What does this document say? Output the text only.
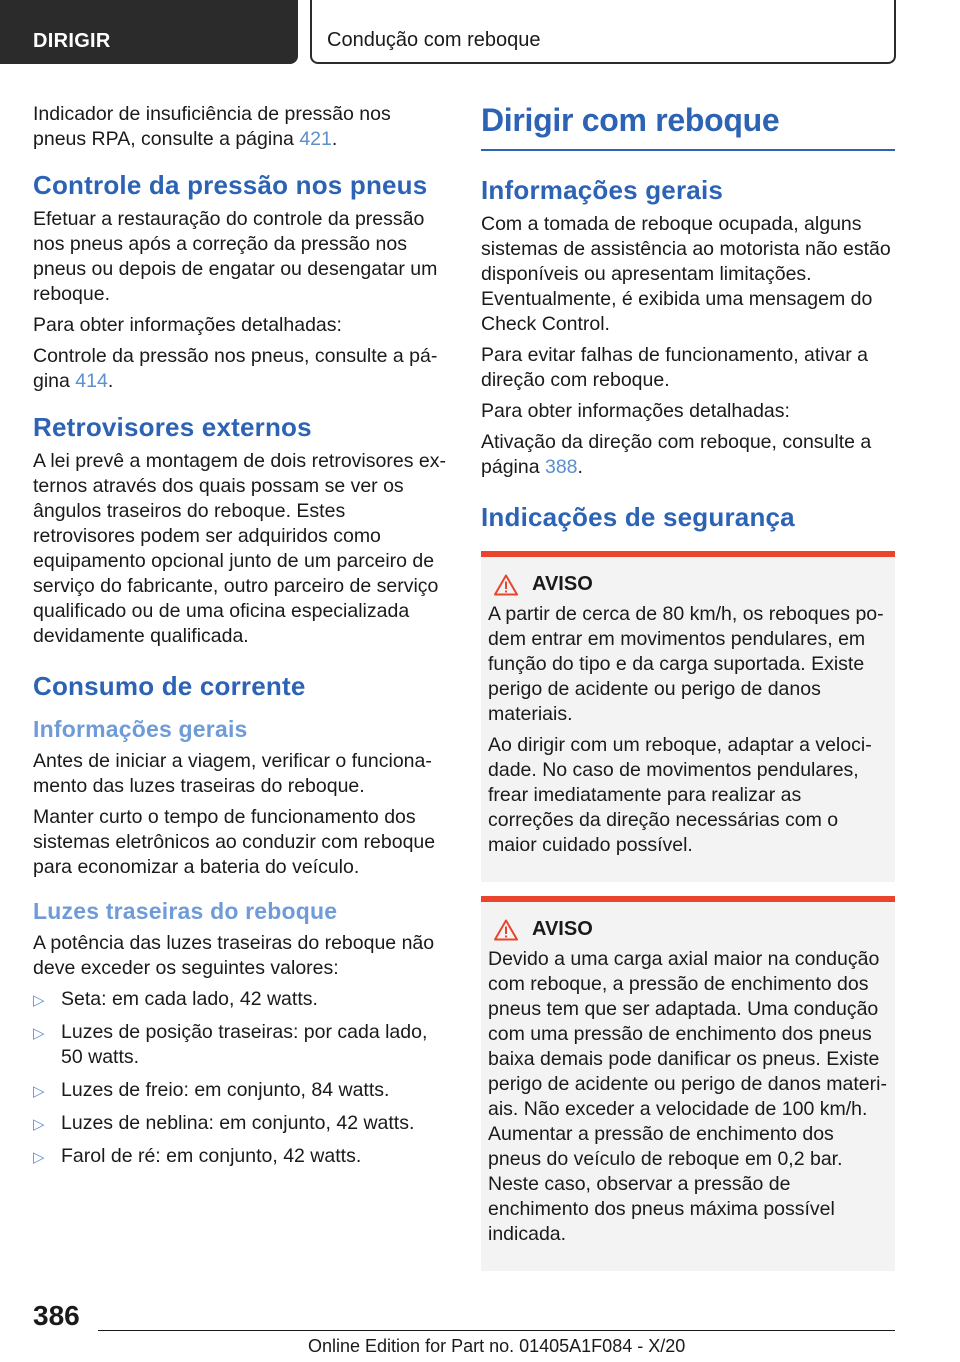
DIRIGIR	Condução com reboque

Indicador de insuficiência de pressão nos pneus RPA, consulte a página 421.

Controle da pressão nos pneus

Efetuar a restauração do controle da pressão nos pneus após a correção da pressão nos pneus ou depois de engatar ou desengatar um reboque.

Para obter informações detalhadas:

Controle da pressão nos pneus, consulte a página 414.

Retrovisores externos

A lei prevê a montagem de dois retrovisores externos através dos quais possam se ver os ângulos traseiros do reboque. Estes retrovisores podem ser adquiridos como equipamento opcional junto de um parceiro de serviço do fabricante, outro parceiro de serviço qualificado ou de uma oficina especializada devidamente qualificada.

Consumo de corrente
Informações gerais

Antes de iniciar a viagem, verificar o funcionamento das luzes traseiras do reboque.

Manter curto o tempo de funcionamento dos sistemas eletrônicos ao conduzir com reboque para economizar a bateria do veículo.

Luzes traseiras do reboque

A potência das luzes traseiras do reboque não deve exceder os seguintes valores:

▷ Seta: em cada lado, 42 watts.
▷ Luzes de posição traseiras: por cada lado, 50 watts.
▷ Luzes de freio: em conjunto, 84 watts.
▷ Luzes de neblina: em conjunto, 42 watts.
▷ Farol de ré: em conjunto, 42 watts.
Dirigir com reboque
Informações gerais

Com a tomada de reboque ocupada, alguns sistemas de assistência ao motorista não estão disponíveis ou apresentam limitações. Eventualmente, é exibida uma mensagem do Check Control.

Para evitar falhas de funcionamento, ativar a direção com reboque.

Para obter informações detalhadas:

Ativação da direção com reboque, consulte a página 388.

Indicações de segurança
AVISO

A partir de cerca de 80 km/h, os reboques podem entrar em movimentos pendulares, em função do tipo e da carga suportada. Existe perigo de acidente ou perigo de danos materiais.

Ao dirigir com um reboque, adaptar a velocidade. No caso de movimentos pendulares, frear imediatamente para realizar as correções da direção necessárias com o maior cuidado possível.

AVISO

Devido a uma carga axial maior na condução com reboque, a pressão de enchimento dos pneus tem que ser adaptada. Uma condução com uma pressão de enchimento dos pneus baixa demais pode danificar os pneus. Existe perigo de acidente ou perigo de danos materiais. Não exceder a velocidade de 100 km/h. Aumentar a pressão de enchimento dos pneus do veículo de reboque em 0,2 bar. Neste caso, observar a pressão de enchimento dos pneus máxima possível indicada.

386
Online Edition for Part no. 01405A1F084 - X/20
